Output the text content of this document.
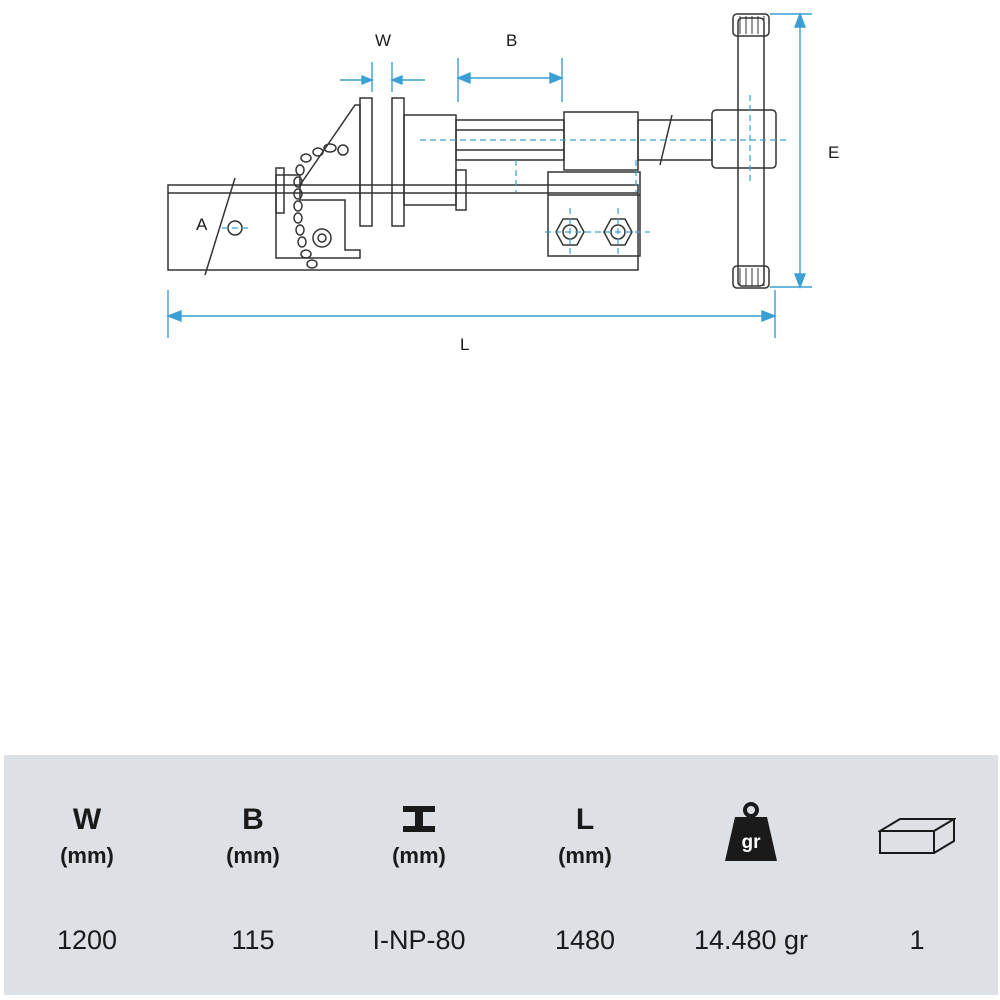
W	B
E
A
L
W
(mm)
1200
B
(mm)
115
(mm)
I-NP-80
L
(mm)
1480
gr
14.480 gr	1
